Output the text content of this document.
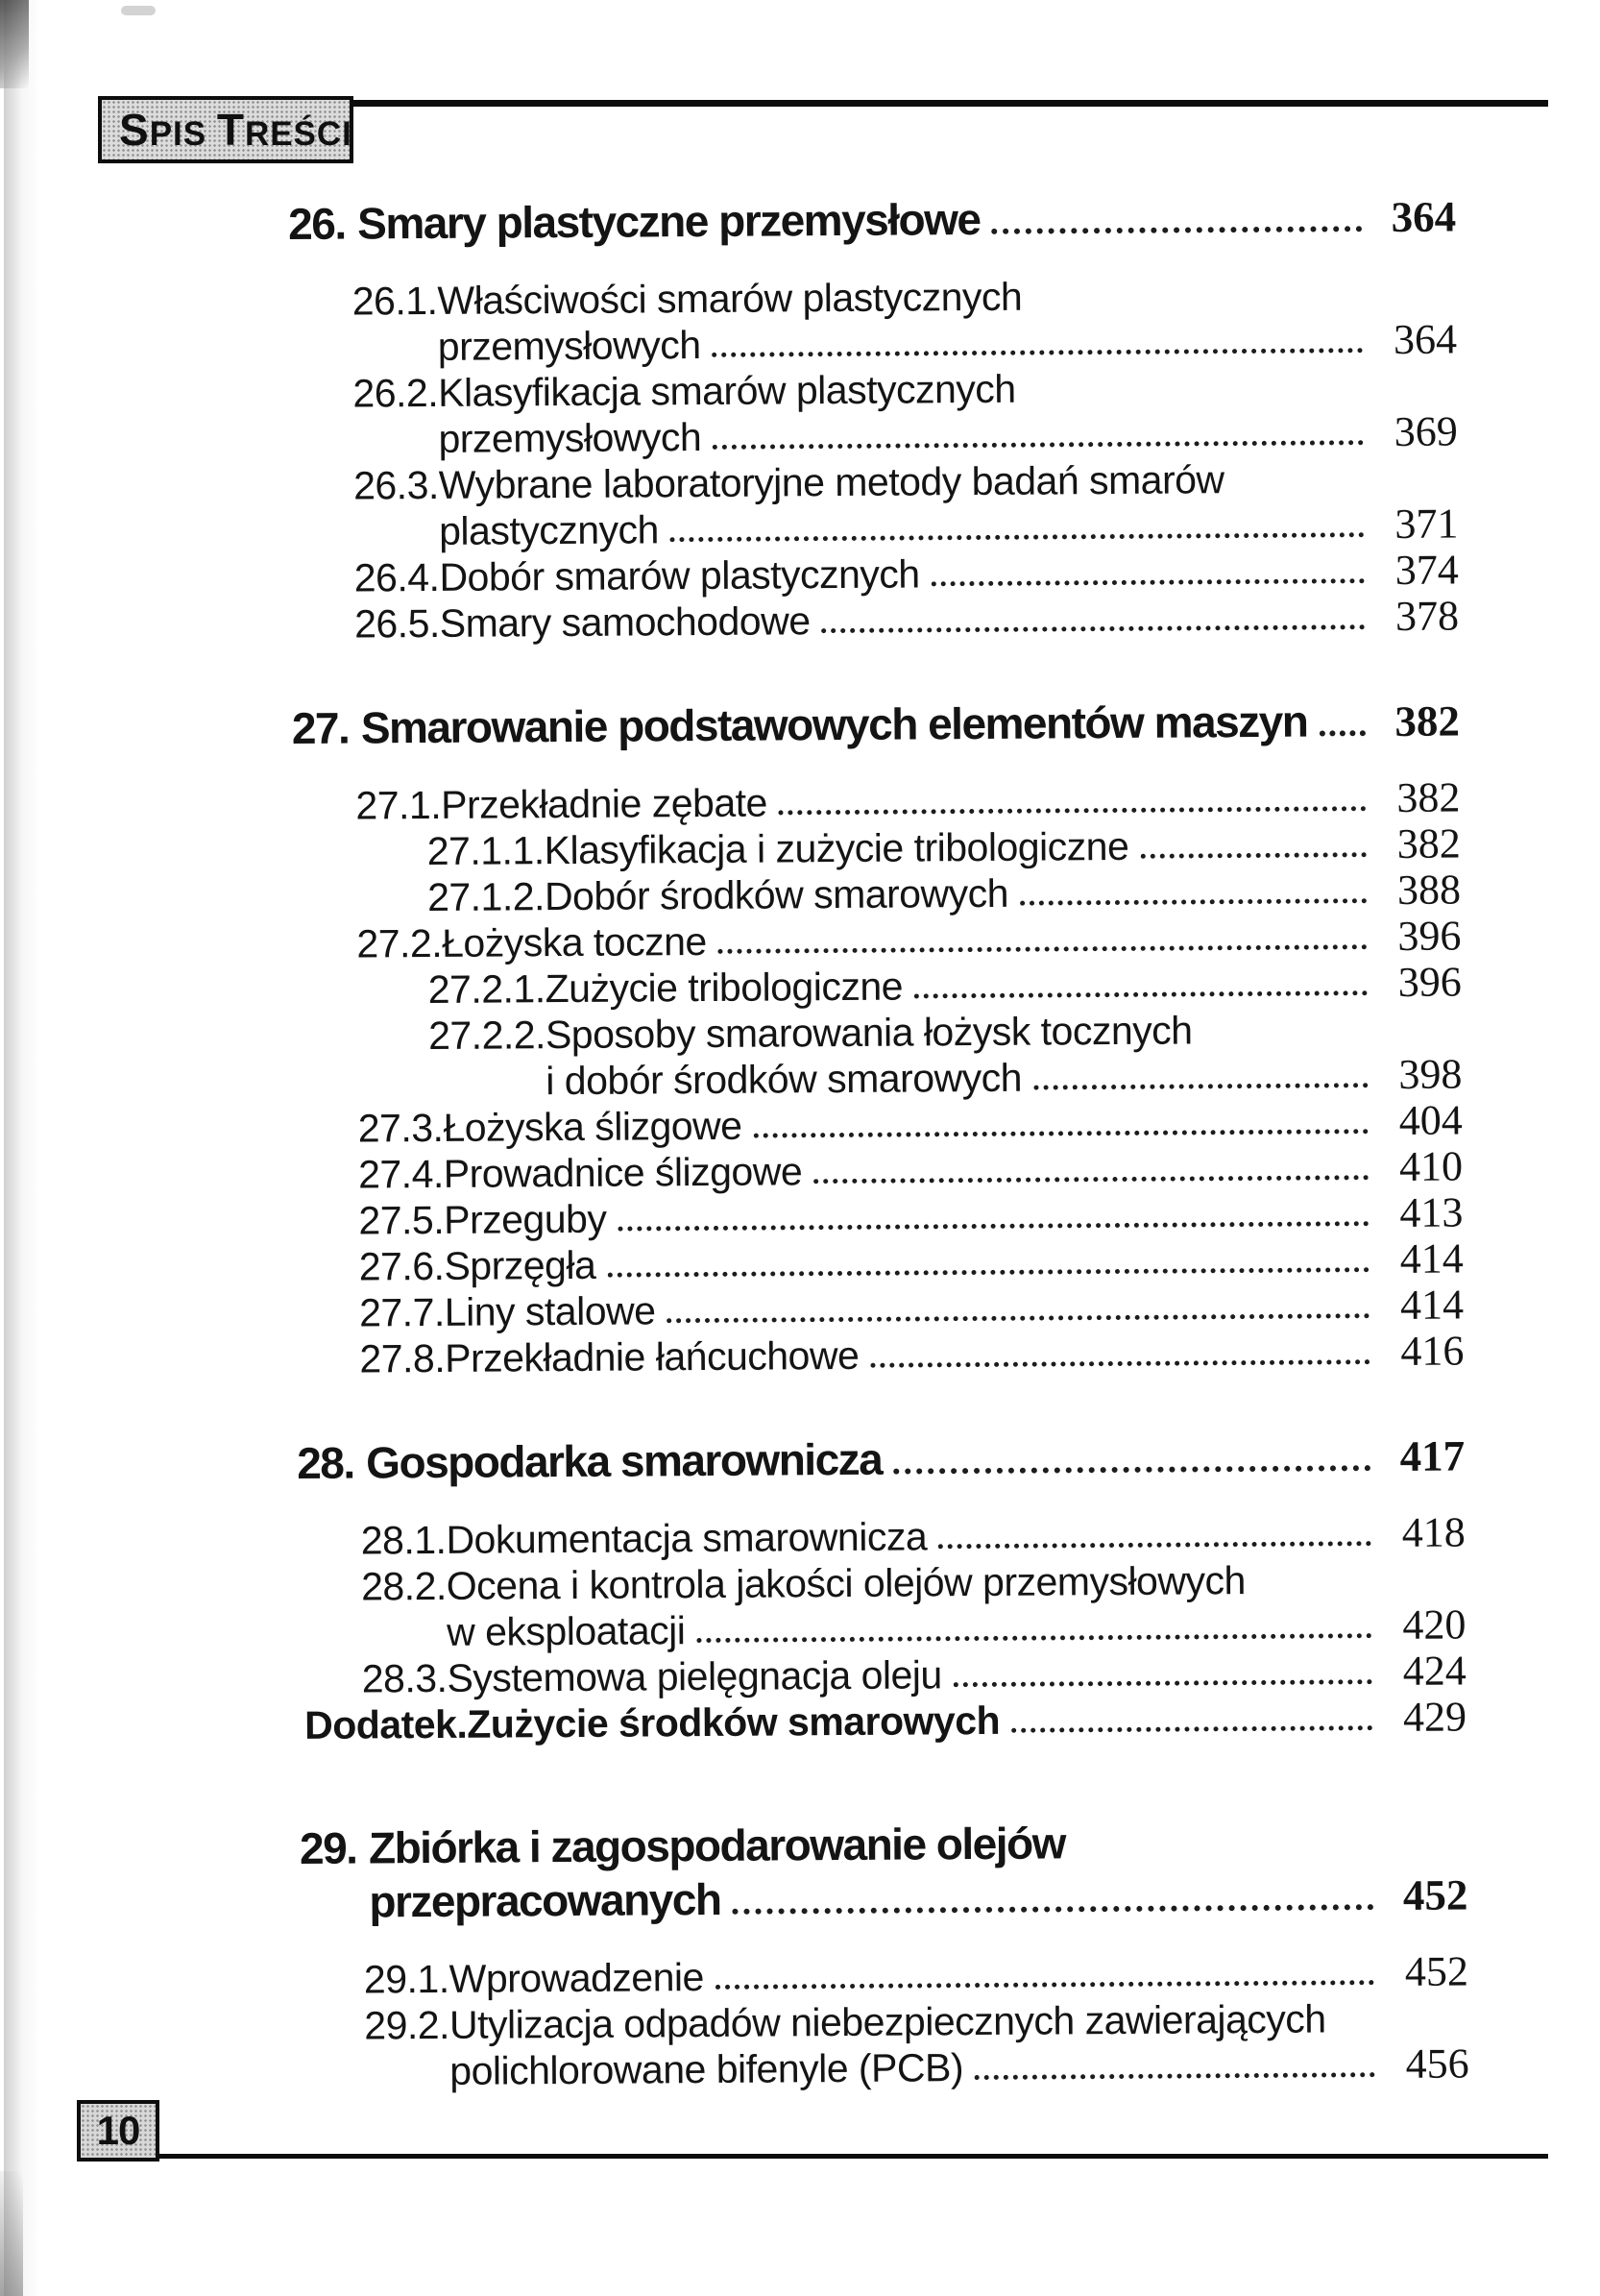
SPIS TREŚCI
26. Smary plastyczne przemysłowe	364
26.1. Właściwości smarów plastycznych
przemysłowych	364
26.2. Klasyfikacja smarów plastycznych
przemysłowych	369
26.3. Wybrane laboratoryjne metody badań smarów
plastycznych	371
26.4. Dobór smarów plastycznych	374
26.5. Smary samochodowe	378
27. Smarowanie podstawowych elementów maszyn	382
27.1. Przekładnie zębate	382
27.1.1. Klasyfikacja i zużycie tribologiczne	382
27.1.2. Dobór środków smarowych	388
27.2. Łożyska toczne	396
27.2.1. Zużycie tribologiczne	396
27.2.2. Sposoby smarowania łożysk tocznych
i dobór środków smarowych	398
27.3. Łożyska ślizgowe	404
27.4. Prowadnice ślizgowe	410
27.5. Przeguby	413
27.6. Sprzęgła	414
27.7. Liny stalowe	414
27.8. Przekładnie łańcuchowe	416
28. Gospodarka smarownicza	417
28.1. Dokumentacja smarownicza	418
28.2. Ocena i kontrola jakości olejów przemysłowych
w eksploatacji	420
28.3. Systemowa pielęgnacja oleju	424
Dodatek. Zużycie środków smarowych	429
29. Zbiórka i zagospodarowanie olejów
przepracowanych	452
29.1. Wprowadzenie	452
29.2. Utylizacja odpadów niebezpiecznych zawierających
polichlorowane bifenyle (PCB)	456
10
